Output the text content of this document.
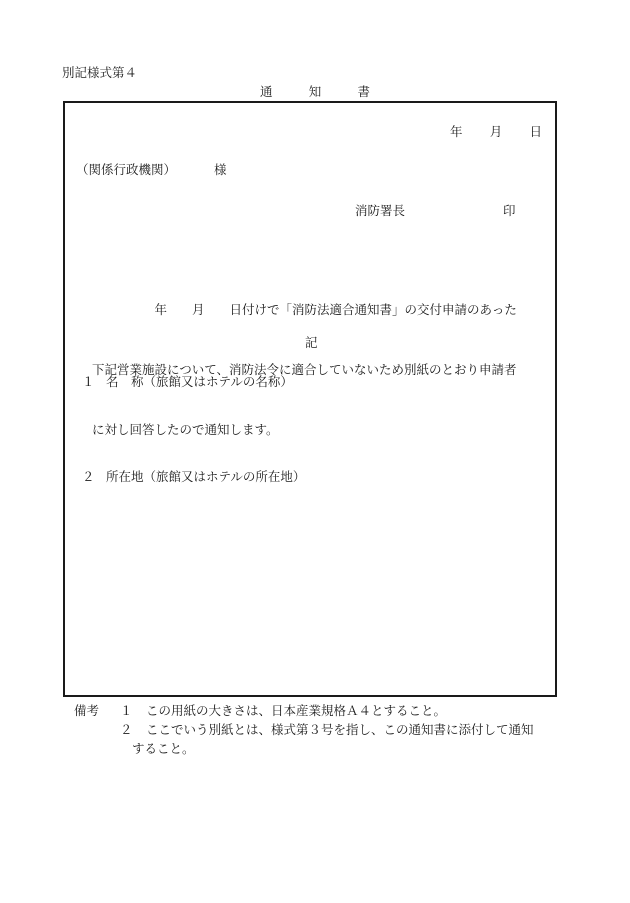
別記様式第４
通	知	書
年 月 日
（関係行政機関）	様
消防署長	印

　　　　　年　　月　　日付けで「消防法適合通知書」の交付申請のあった

下記営業施設について、消防法令に適合していないため別紙のとおり申請者

に対し回答したので通知します。

記
１ 名　称（旅館又はホテルの名称）
２ 所在地（旅館又はホテルの所在地）
備考 １ この用紙の大きさは、日本産業規格Ａ４とすること。
２ ここでいう別紙とは、様式第３号を指し、この通知書に添付して通知
すること。
